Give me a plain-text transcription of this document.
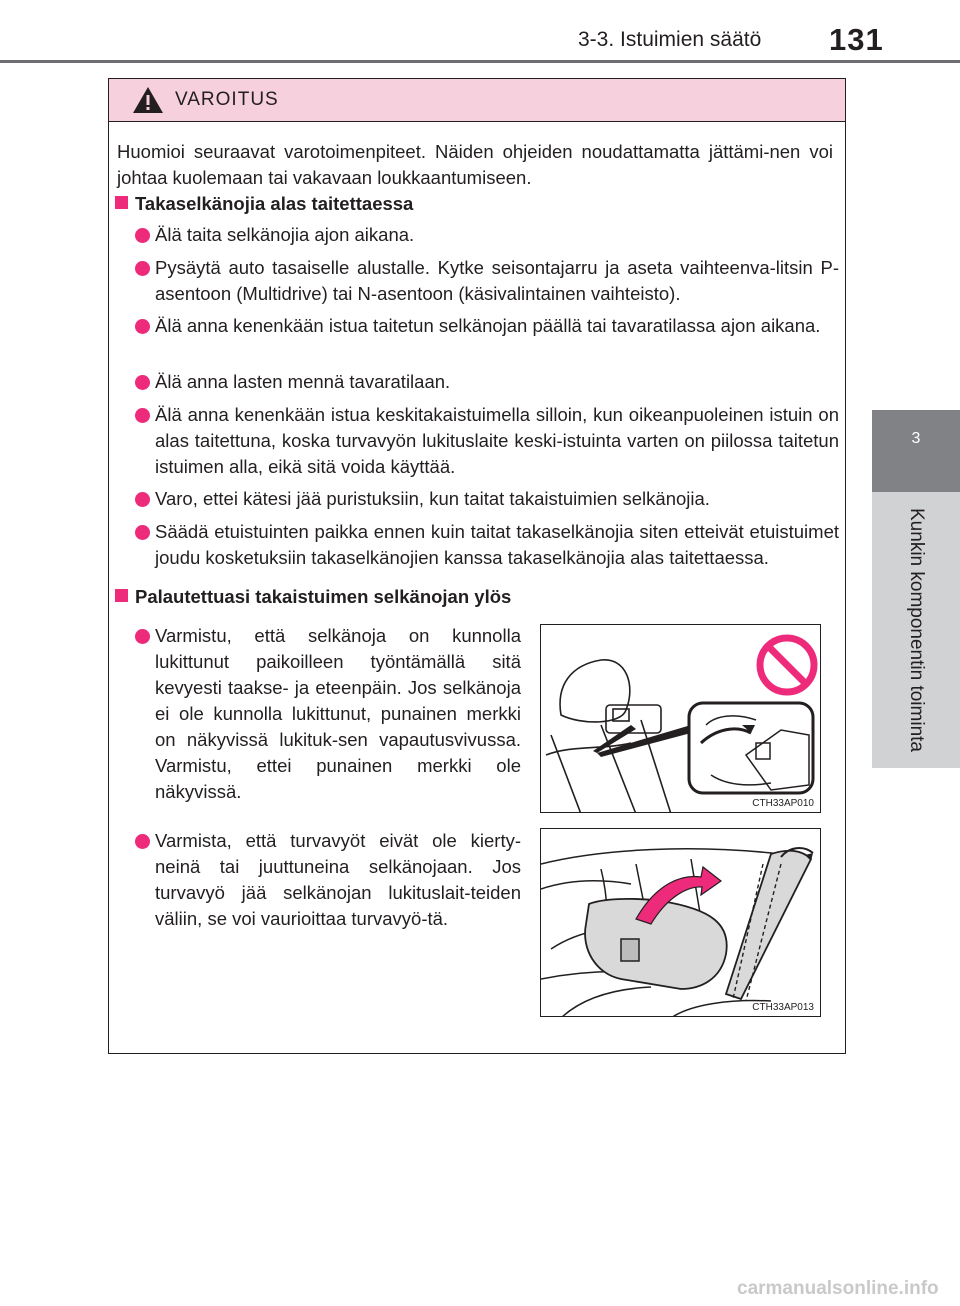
3-3. Istuimien säätö 131
3
Kunkin komponentin toiminta
VAROITUS
Huomioi seuraavat varotoimenpiteet. Näiden ohjeiden noudattamatta jättämi-nen voi johtaa kuolemaan tai vakavaan loukkaantumiseen.
Takaselkänojia alas taitettaessa
Älä taita selkänojia ajon aikana.
Pysäytä auto tasaiselle alustalle. Kytke seisontajarru ja aseta vaihteenva-litsin P-asentoon (Multidrive) tai N-asentoon (käsivalintainen vaihteisto).
Älä anna kenenkään istua taitetun selkänojan päällä tai tavaratilassa ajon aikana.
Älä anna lasten mennä tavaratilaan.
Älä anna kenenkään istua keskitakaistuimella silloin, kun oikeanpuoleinen istuin on alas taitettuna, koska turvavyön lukituslaite keski-istuinta varten on piilossa taitetun istuimen alla, eikä sitä voida käyttää.
Varo, ettei kätesi jää puristuksiin, kun taitat takaistuimien selkänojia.
Säädä etuistuinten paikka ennen kuin taitat takaselkänojia siten etteivät etuistuimet joudu kosketuksiin takaselkänojien kanssa takaselkänojia alas taitettaessa.
Palautettuasi takaistuimen selkänojan ylös
Varmistu, että selkänoja on kunnolla lukittunut paikoilleen työntämällä sitä kevyesti taakse- ja eteenpäin. Jos selkänoja ei ole kunnolla lukittunut, punainen merkki on näkyvissä lukituk-sen vapautusvivussa. Varmistu, ettei punainen merkki ole näkyvissä.
Varmista, että turvavyöt eivät ole kierty-neinä tai juuttuneina selkänojaan. Jos turvavyö jää selkänojan lukituslait-teiden väliin, se voi vaurioittaa turvavyö-tä.
CTH33AP010
CTH33AP013
carmanualsonline.info
